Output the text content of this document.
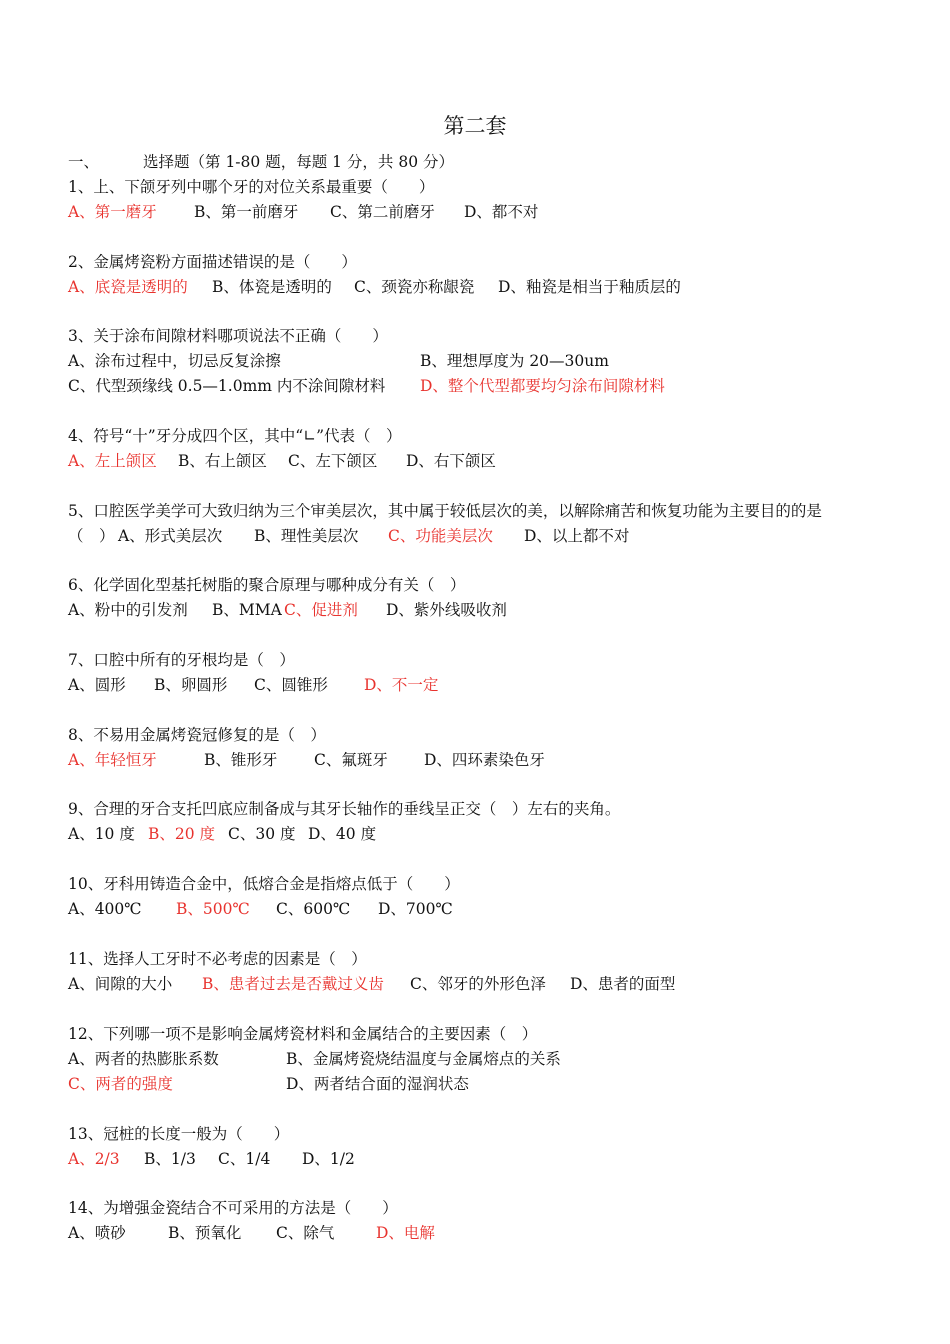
第二套
一、	选择题（第 1-80 题，每题 1 分，共 80 分）
1、上、下颌牙列中哪个牙的对位关系最重要（　　）
A、第一磨牙 B、第一前磨牙 C、第二前磨牙 D、都不对
2、金属烤瓷粉方面描述错误的是（　　）
A、底瓷是透明的 B、体瓷是透明的 C、颈瓷亦称龈瓷 D、釉瓷是相当于釉质层的
3、关于涂布间隙材料哪项说法不正确（　　）
A、涂布过程中，切忌反复涂擦	B、理想厚度为 20—30um
C、代型颈缘线 0.5—1.0mm 内不涂间隙材料 D、整个代型都要均匀涂布间隙材料
4、符号“十”牙分成四个区，其中“∟”代表（　）
A、左上颌区 B、右上颌区 C、左下颌区 D、右下颌区
5、口腔医学美学可大致归纳为三个审美层次，其中属于较低层次的美，以解除痛苦和恢复功能为主要目的的是
（　） A、形式美层次 B、理性美层次 C、功能美层次 D、以上都不对
6、化学固化型基托树脂的聚合原理与哪种成分有关（　）
A、粉中的引发剂 B、MMA C、促进剂 D、紫外线吸收剂
7、口腔中所有的牙根均是（　）
A、圆形 B、卵圆形 C、圆锥形 D、不一定
8、不易用金属烤瓷冠修复的是（　）
A、年轻恒牙	B、锥形牙 C、氟斑牙 D、四环素染色牙
9、合理的牙合支托凹底应制备成与其牙长轴作的垂线呈正交（　）左右的夹角。
A、10 度 B、20 度 C、30 度 D、40 度
10、牙科用铸造合金中，低熔合金是指熔点低于（　　）
A、400℃ B、500℃ C、600℃ D、700℃
11、选择人工牙时不必考虑的因素是（　）
A、间隙的大小 B、患者过去是否戴过义齿 C、邻牙的外形色泽 D、患者的面型
12、下列哪一项不是影响金属烤瓷材料和金属结合的主要因素（　）
A、两者的热膨胀系数	B、金属烤瓷烧结温度与金属熔点的关系
C、两者的强度	D、两者结合面的湿润状态
13、冠桩的长度一般为（　　）
A、2/3 B、1/3 C、1/4 D、1/2
14、为增强金瓷结合不可采用的方法是（　　）
A、喷砂	B、预氧化 C、除气	D、电解
